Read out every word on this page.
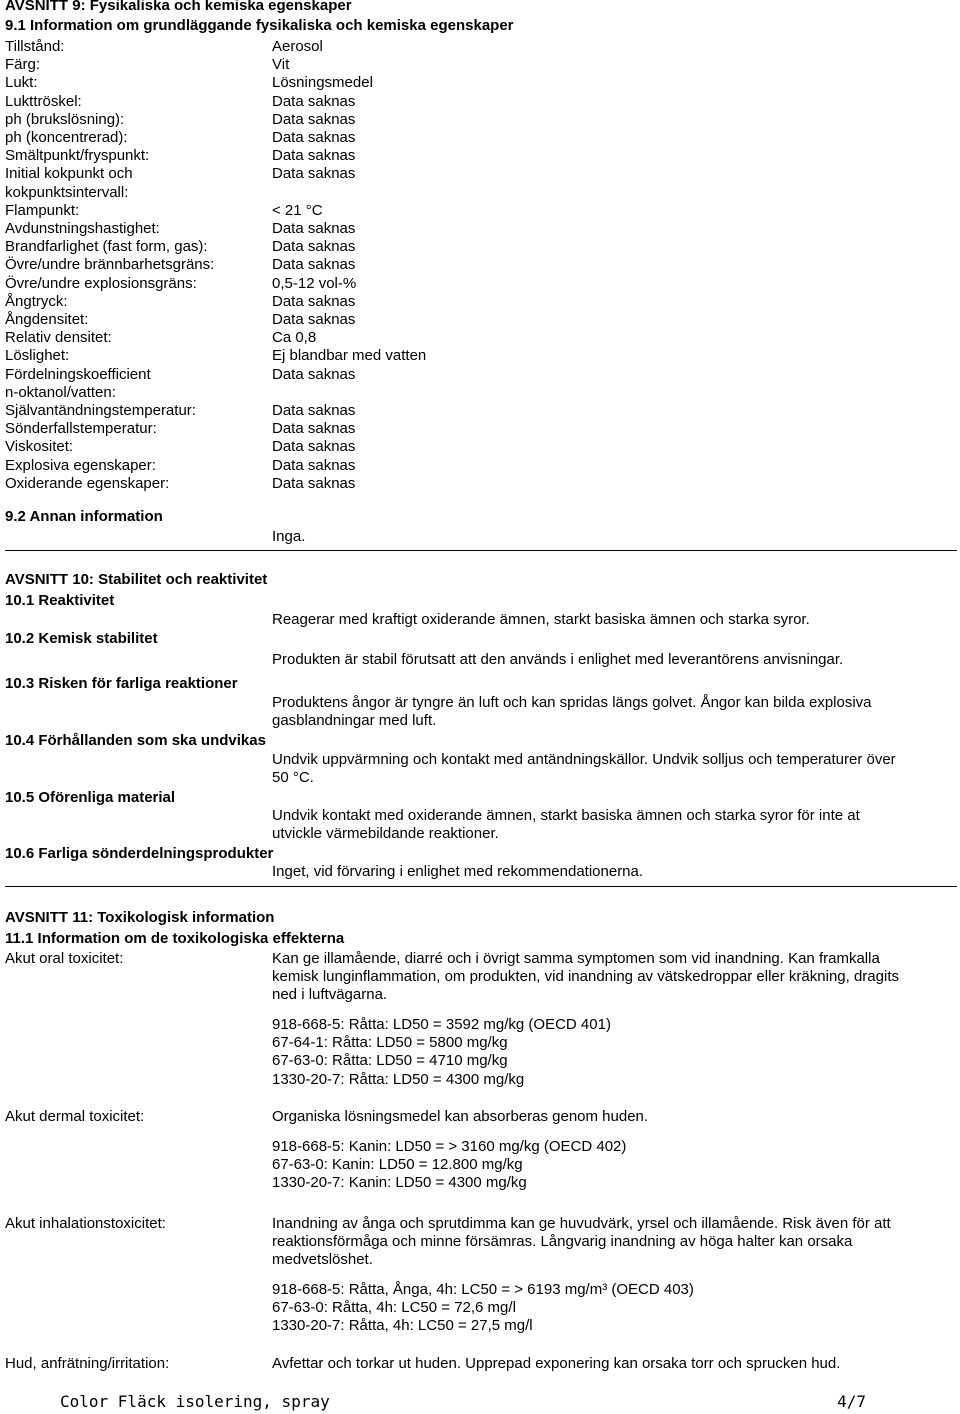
AVSNITT 9: Fysikaliska och kemiska egenskaper
9.1 Information om grundläggande fysikaliska och kemiska egenskaper
Tillstånd:	Aerosol
Färg:	Vit
Lukt:	Lösningsmedel
Lukttröskel:	Data saknas
ph (brukslösning):	Data saknas
ph (koncentrerad):	Data saknas
Smältpunkt/fryspunkt:	Data saknas
Initial kokpunkt och	Data saknas
kokpunktsintervall:
Flampunkt:	< 21 °C
Avdunstningshastighet:	Data saknas
Brandfarlighet (fast form, gas):	Data saknas
Övre/undre brännbarhetsgräns:	Data saknas
Övre/undre explosionsgräns:	0,5-12 vol-%
Ångtryck:	Data saknas
Ångdensitet:	Data saknas
Relativ densitet:	Ca 0,8
Löslighet:	Ej blandbar med vatten
Fördelningskoefficient	Data saknas
n-oktanol/vatten:
Självantändningstemperatur:	Data saknas
Sönderfallstemperatur:	Data saknas
Viskositet:	Data saknas
Explosiva egenskaper:	Data saknas
Oxiderande egenskaper:	Data saknas
9.2 Annan information
Inga.
AVSNITT 10: Stabilitet och reaktivitet
10.1 Reaktivitet
Reagerar med kraftigt oxiderande ämnen, starkt basiska ämnen och starka syror.
10.2 Kemisk stabilitet
Produkten är stabil förutsatt att den används i enlighet med leverantörens anvisningar.
10.3 Risken för farliga reaktioner
Produktens ångor är tyngre än luft och kan spridas längs golvet. Ångor kan bilda explosiva
gasblandningar med luft.
10.4 Förhållanden som ska undvikas
Undvik uppvärmning och kontakt med antändningskällor. Undvik solljus och temperaturer över
50 °C.
10.5 Oförenliga material
Undvik kontakt med oxiderande ämnen, starkt basiska ämnen och starka syror för inte at
utvickle värmebildande reaktioner.
10.6 Farliga sönderdelningsprodukter
Inget, vid förvaring i enlighet med rekommendationerna.
AVSNITT 11: Toxikologisk information
11.1 Information om de toxikologiska effekterna
Akut oral toxicitet:	Kan ge illamående, diarré och i övrigt samma symptomen som vid inandning. Kan framkalla
kemisk lunginflammation, om produkten, vid inandning av vätskedroppar eller kräkning, dragits
ned i luftvägarna.
918-668-5: Råtta: LD50 = 3592 mg/kg (OECD 401)
67-64-1: Råtta: LD50 = 5800 mg/kg
67-63-0: Råtta: LD50 = 4710 mg/kg
1330-20-7: Råtta: LD50 = 4300 mg/kg
Akut dermal toxicitet:	Organiska lösningsmedel kan absorberas genom huden.
918-668-5: Kanin: LD50 = > 3160 mg/kg (OECD 402)
67-63-0: Kanin: LD50 = 12.800 mg/kg
1330-20-7: Kanin: LD50 = 4300 mg/kg
Akut inhalationstoxicitet:	Inandning av ånga och sprutdimma kan ge huvudvärk, yrsel och illamående. Risk även för att
reaktionsförmåga och minne försämras. Långvarig inandning av höga halter kan orsaka
medvetslöshet.
918-668-5: Råtta, Ånga, 4h: LC50 = > 6193 mg/m³ (OECD 403)
67-63-0: Råtta, 4h: LC50 = 72,6 mg/l
1330-20-7: Råtta, 4h: LC50 = 27,5 mg/l
Hud, anfrätning/irritation:	Avfettar och torkar ut huden. Upprepad exponering kan orsaka torr och sprucken hud.
Color Fläck isolering, spray	4/7
